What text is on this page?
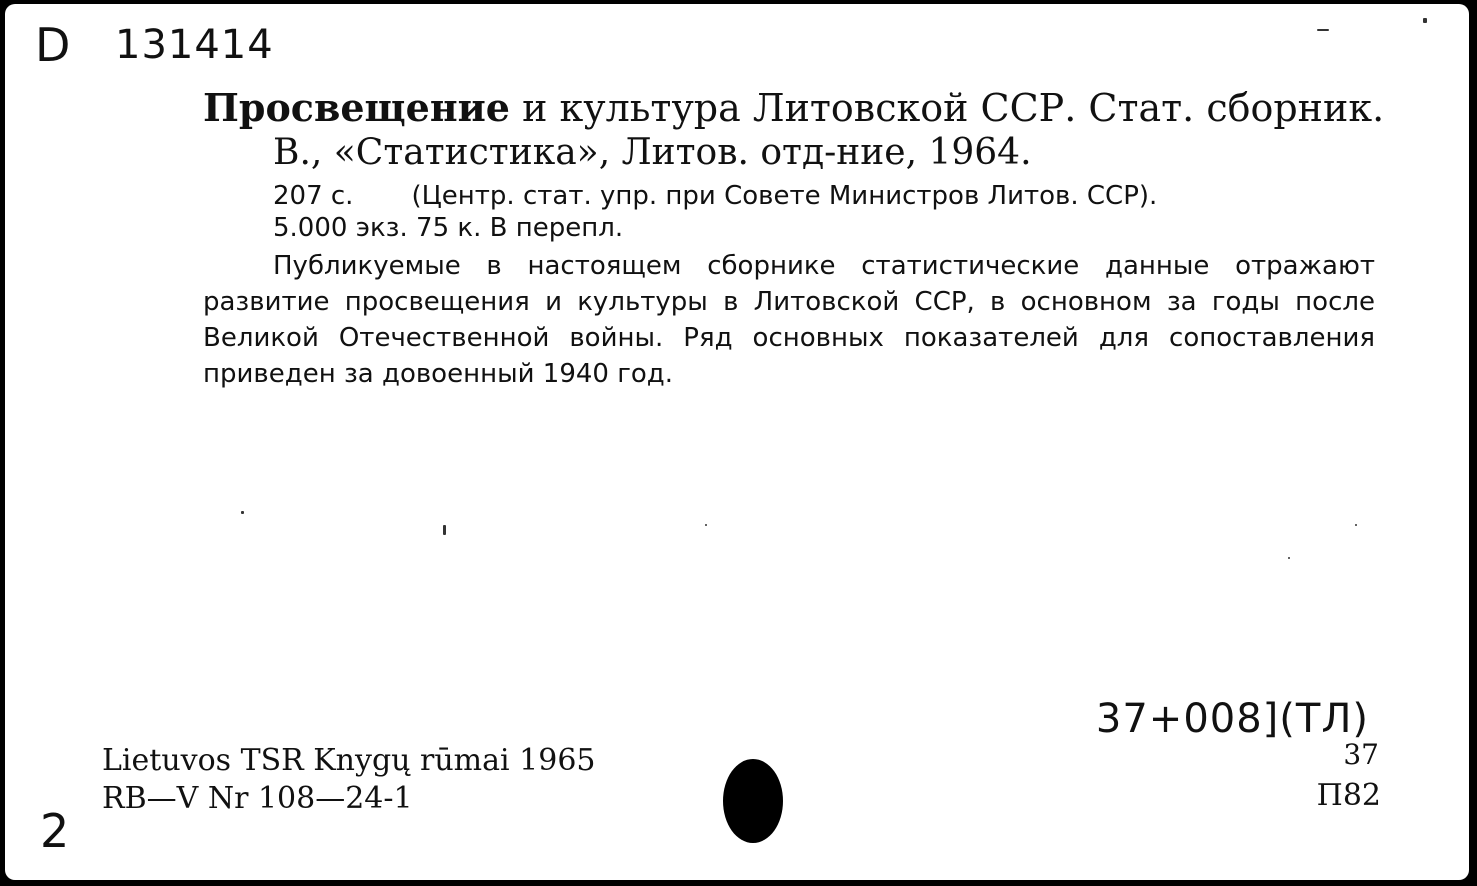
D 131414
Просвещение и культура Литовской ССР. Стат. сборник.
В., «Статистика», Литов. отд-ние, 1964.
207 с. (Центр. стат. упр. при Совете Министров Литов. ССР).
5.000 экз. 75 к. В перепл.
Публикуемые в настоящем сборнике статистические данные отражают развитие просвещения и культуры в Литовской ССР, в основном за годы после Великой Отечественной войны. Ряд основных показателей для сопоставления приведен за довоенный 1940 год.
Lietuvos TSR Knygų rūmai 1965
RB—V Nr 108—24-1
37+008](ТЛ)
37
П82
2
